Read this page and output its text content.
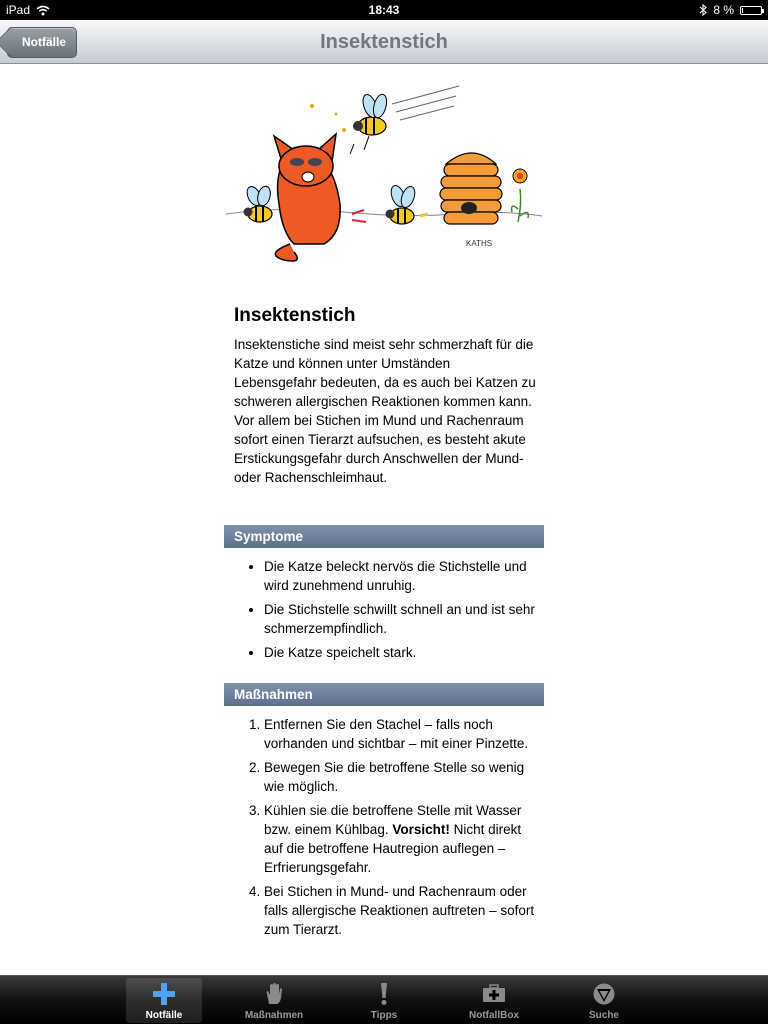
iPad	18:43	8 %
Notfälle	Insektenstich
KATHS
Insektenstich
Insektenstiche sind meist sehr schmerzhaft für die Katze und können unter Umständen Lebensgefahr bedeuten, da es auch bei Katzen zu schweren allergischen Reaktionen kommen kann. Vor allem bei Stichen im Mund und Rachenraum sofort einen Tierarzt aufsuchen, es besteht akute Erstickungsgefahr durch Anschwellen der Mund- oder Rachenschleimhaut.
Symptome
• Die Katze beleckt nervös die Stichstelle und wird zunehmend unruhig.
• Die Stichstelle schwillt schnell an und ist sehr schmerzempfindlich.
• Die Katze speichelt stark.
Maßnahmen
1. Entfernen Sie den Stachel – falls noch vorhanden und sichtbar – mit einer Pinzette.
2. Bewegen Sie die betroffene Stelle so wenig wie möglich.
3. Kühlen sie die betroffene Stelle mit Wasser bzw. einem Kühlbag. Vorsicht! Nicht direkt auf die betroffene Hautregion auflegen – Erfrierungsgefahr.
4. Bei Stichen in Mund- und Rachenraum oder falls allergische Reaktionen auftreten – sofort zum Tierarzt.
Notfälle	Maßnahmen	Tipps	NotfallBox	Suche
